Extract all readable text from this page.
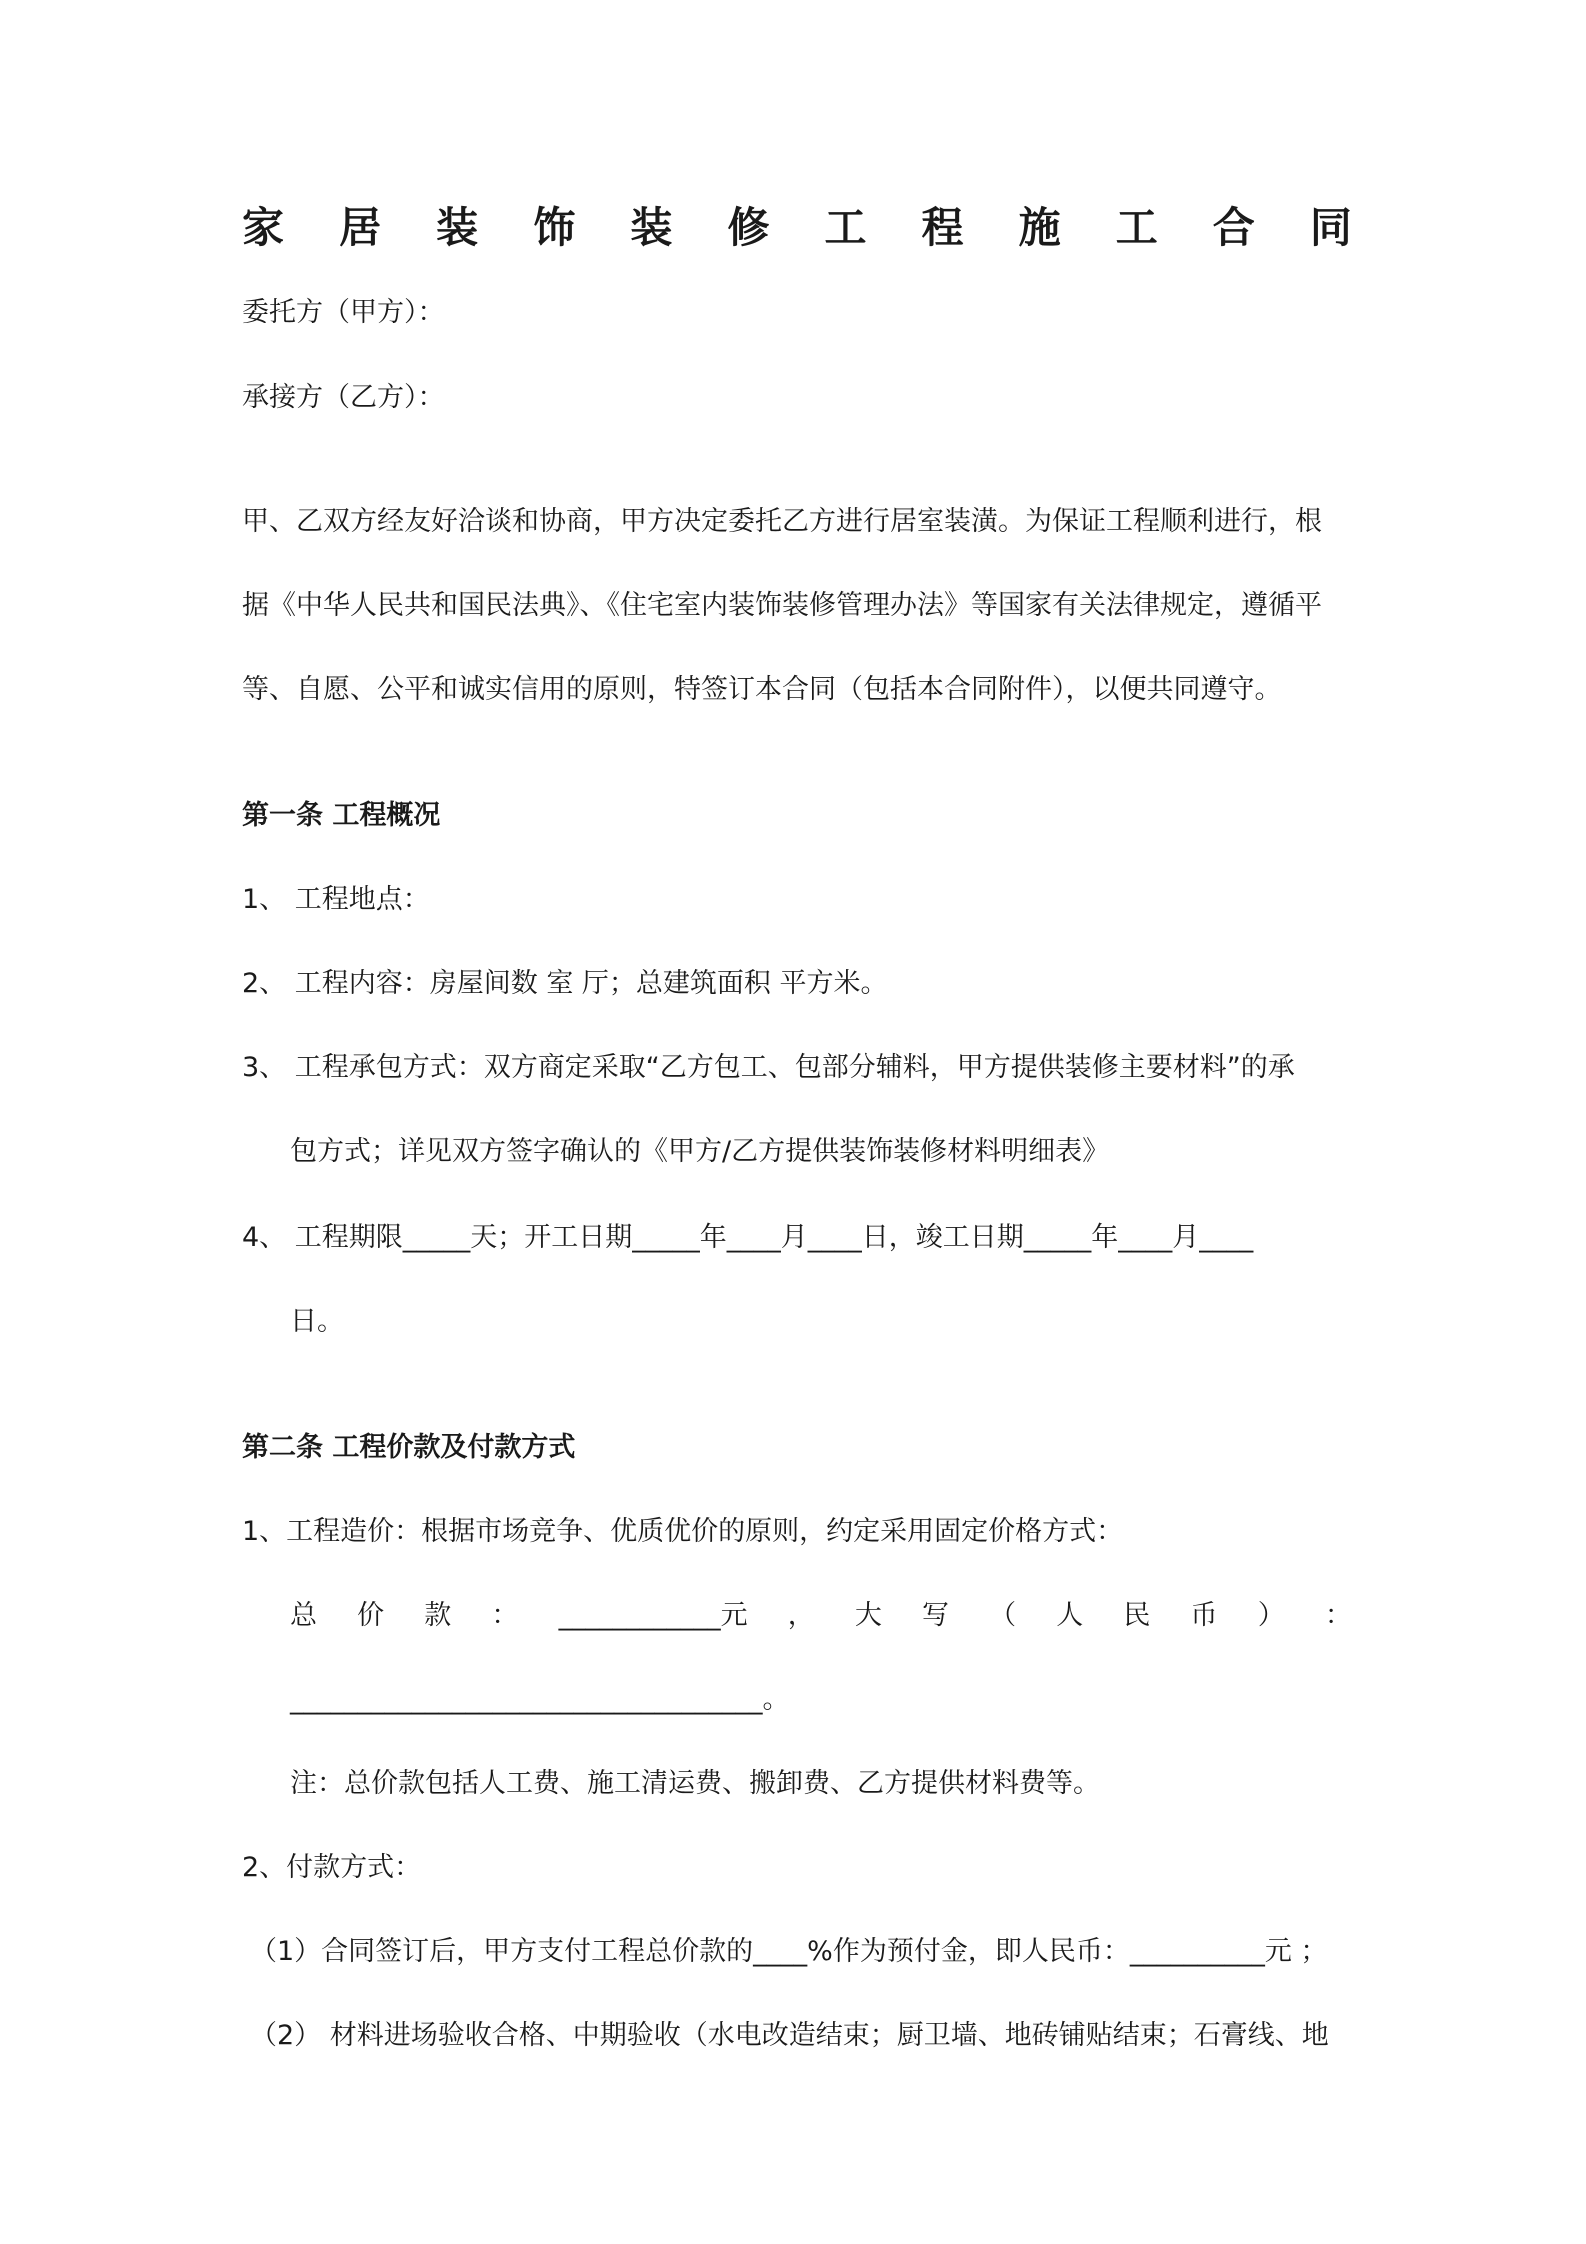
家 居 装 饰 装 修 工 程 施 工 合 同
委托方（甲方）：
承接方（乙方）：
甲、乙双方经友好洽谈和协商，甲方决定委托乙方进行居室装潢。为保证工程顺利进行，根
据《中华人民共和国民法典》、《住宅室内装饰装修管理办法》等国家有关法律规定，遵循平
等、自愿、公平和诚实信用的原则，特签订本合同（包括本合同附件），以便共同遵守。
第一条 工程概况
1、 工程地点：
2、 工程内容：房屋间数 室 厅；总建筑面积 平方米。
3、 工程承包方式：双方商定采取“乙方包工、包部分辅料，甲方提供装修主要材料”的承
包方式；详见双方签字确认的《甲方/乙方提供装饰装修材料明细表》
4、 工程期限_____天；开工日期_____年____月____日，竣工日期_____年____月____
日。
第二条 工程价款及付款方式
1、工程造价：根据市场竞争、优质优价的原则，约定采用固定价格方式：
总 价 款 ： ____________元 ， 大 写 （ 人 民 币 ） ：
___________________________________。
注：总价款包括人工费、施工清运费、搬卸费、乙方提供材料费等。
2、付款方式：
（1）合同签订后，甲方支付工程总价款的____%作为预付金，即人民币：__________元 ；
（2） 材料进场验收合格、中期验收（水电改造结束；厨卫墙、地砖铺贴结束；石膏线、地
